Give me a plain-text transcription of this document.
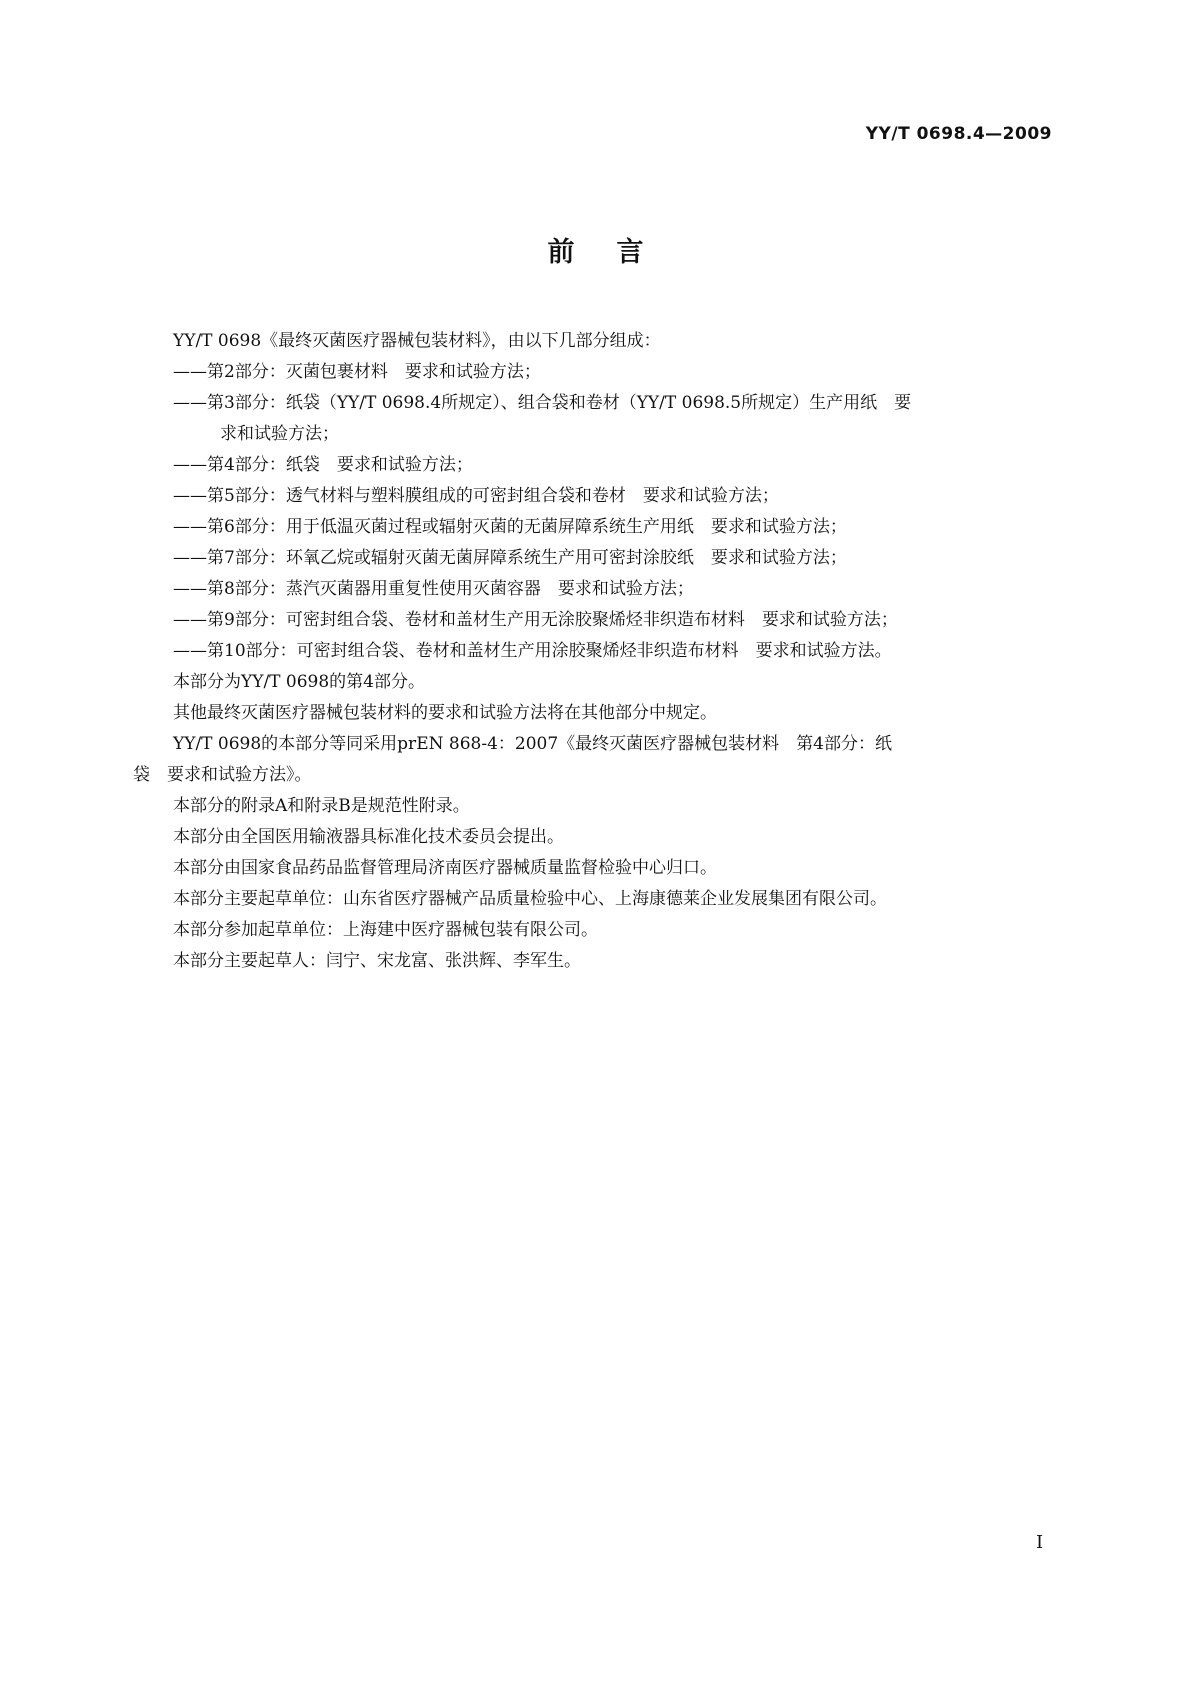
YY/T 0698.4—2009
前言
YY/T 0698《最终灭菌医疗器械包装材料》，由以下几部分组成：
——第2部分：灭菌包裹材料　要求和试验方法；
——第3部分：纸袋（YY/T 0698.4所规定）、组合袋和卷材（YY/T 0698.5所规定）生产用纸　要
求和试验方法；
——第4部分：纸袋　要求和试验方法；
——第5部分：透气材料与塑料膜组成的可密封组合袋和卷材　要求和试验方法；
——第6部分：用于低温灭菌过程或辐射灭菌的无菌屏障系统生产用纸　要求和试验方法；
——第7部分：环氧乙烷或辐射灭菌无菌屏障系统生产用可密封涂胶纸　要求和试验方法；
——第8部分：蒸汽灭菌器用重复性使用灭菌容器　要求和试验方法；
——第9部分：可密封组合袋、卷材和盖材生产用无涂胶聚烯烃非织造布材料　要求和试验方法；
——第10部分：可密封组合袋、卷材和盖材生产用涂胶聚烯烃非织造布材料　要求和试验方法。
本部分为YY/T 0698的第4部分。
其他最终灭菌医疗器械包装材料的要求和试验方法将在其他部分中规定。
YY/T 0698的本部分等同采用prEN 868-4：2007《最终灭菌医疗器械包装材料　第4部分：纸
袋　要求和试验方法》。
本部分的附录A和附录B是规范性附录。
本部分由全国医用输液器具标准化技术委员会提出。
本部分由国家食品药品监督管理局济南医疗器械质量监督检验中心归口。
本部分主要起草单位：山东省医疗器械产品质量检验中心、上海康德莱企业发展集团有限公司。
本部分参加起草单位：上海建中医疗器械包装有限公司。
本部分主要起草人：闫宁、宋龙富、张洪辉、李军生。
I
